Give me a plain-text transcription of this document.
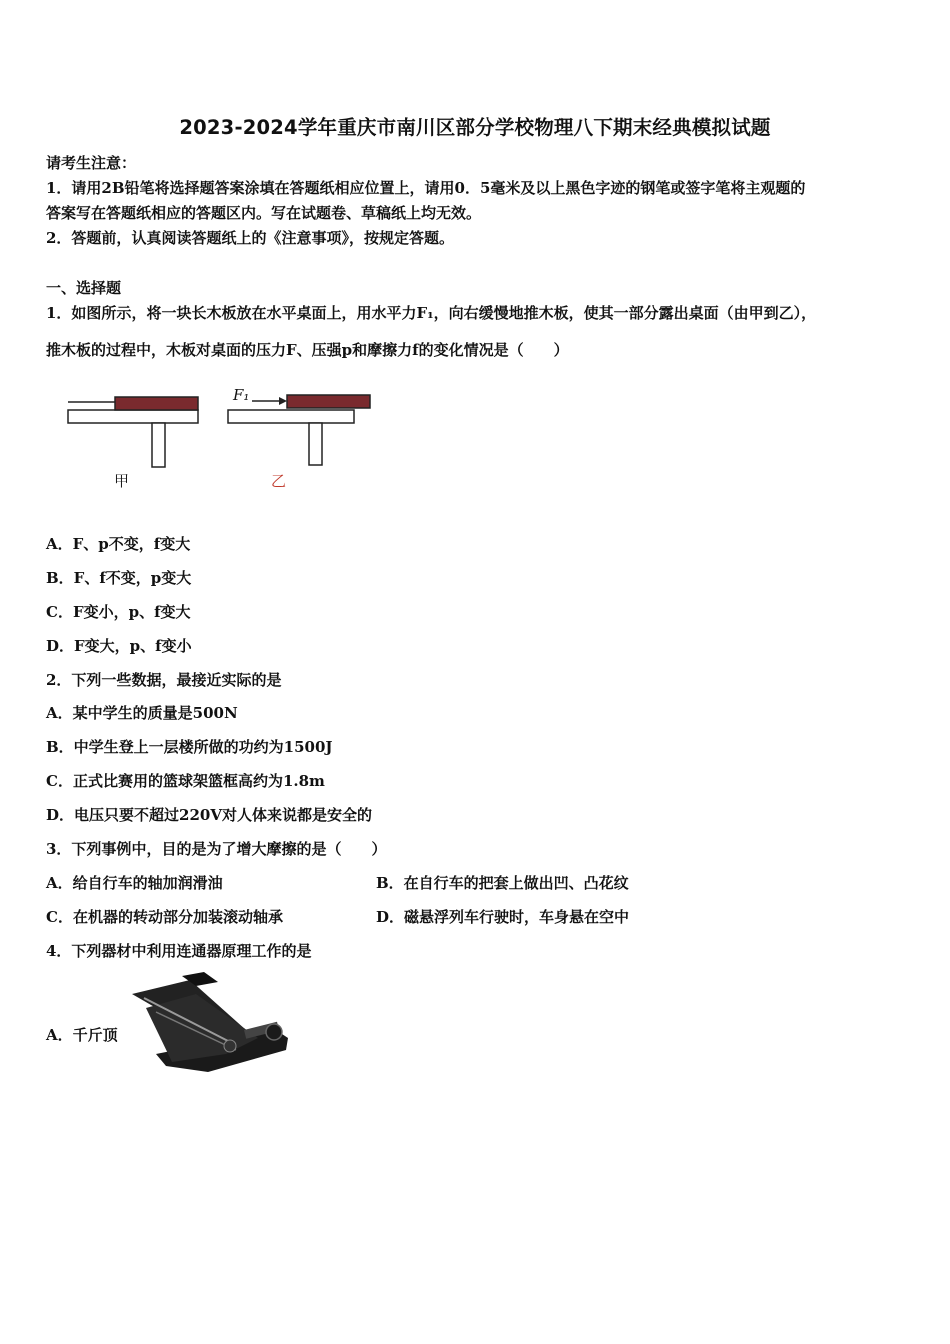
2023-2024学年重庆市南川区部分学校物理八下期末经典模拟试题
请考生注意：
1．请用2B铅笔将选择题答案涂填在答题纸相应位置上，请用0．5毫米及以上黑色字迹的钢笔或签字笔将主观题的
答案写在答题纸相应的答题区内。写在试题卷、草稿纸上均无效。
2．答题前，认真阅读答题纸上的《注意事项》，按规定答题。
一、选择题
1．如图所示，将一块长木板放在水平桌面上，用水平力F₁，向右缓慢地推木板，使其一部分露出桌面（由甲到乙），
推木板的过程中，木板对桌面的压力F、压强p和摩擦力f的变化情况是（　　）
甲
F₁
乙
A．F、p不变，f变大
B．F、f不变，p变大
C．F变小，p、f变大
D．F变大，p、f变小
2．下列一些数据，最接近实际的是
A．某中学生的质量是500N
B．中学生登上一层楼所做的功约为1500J
C．正式比赛用的篮球架篮框高约为1.8m
D．电压只要不超过220V对人体来说都是安全的
3．下列事例中，目的是为了增大摩擦的是（　　）
A．给自行车的轴加润滑油	B．在自行车的把套上做出凹、凸花纹
C．在机器的转动部分加装滚动轴承	D．磁悬浮列车行驶时，车身悬在空中
4．下列器材中利用连通器原理工作的是
A．千斤顶
